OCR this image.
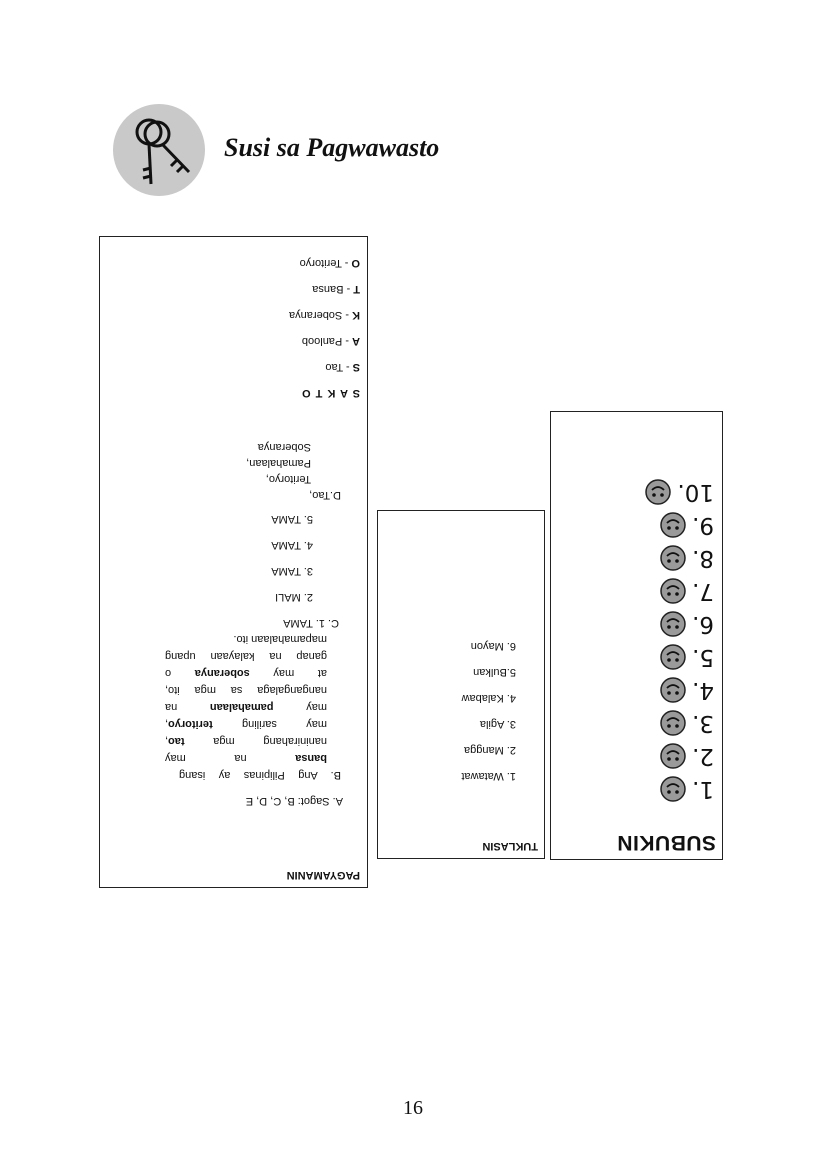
Susi sa Pagwawasto
SUBUKIN
1.
2.
3.
4.
5.
6.
7.
8.
9.
10.
TUKLASIN
1. Watawat
2. Mangga
3. Agila
4. Kalabaw
5.Bulkan
6. Mayon
PAGYAMANIN
A. Sagot: B, C, D, E
B. Ang Pilipinas ay isang
bansa na may
naninirahang mga tao,
may sariling teritoryo,
may pamahalaan na
nangangalaga sa mga ito,
at may soberanya o
ganap na kalayaan upang
mapamahalaan ito.
C. 1. TAMA
2. MALI
3. TAMA
4. TAMA
5. TAMA
D.Tao,
Teritoryo,
Pamahalaan,
Soberanya
S A K T O
S - Tao
A - Panloob
K - Soberanya
T - Bansa
O - Teritoryo
16
